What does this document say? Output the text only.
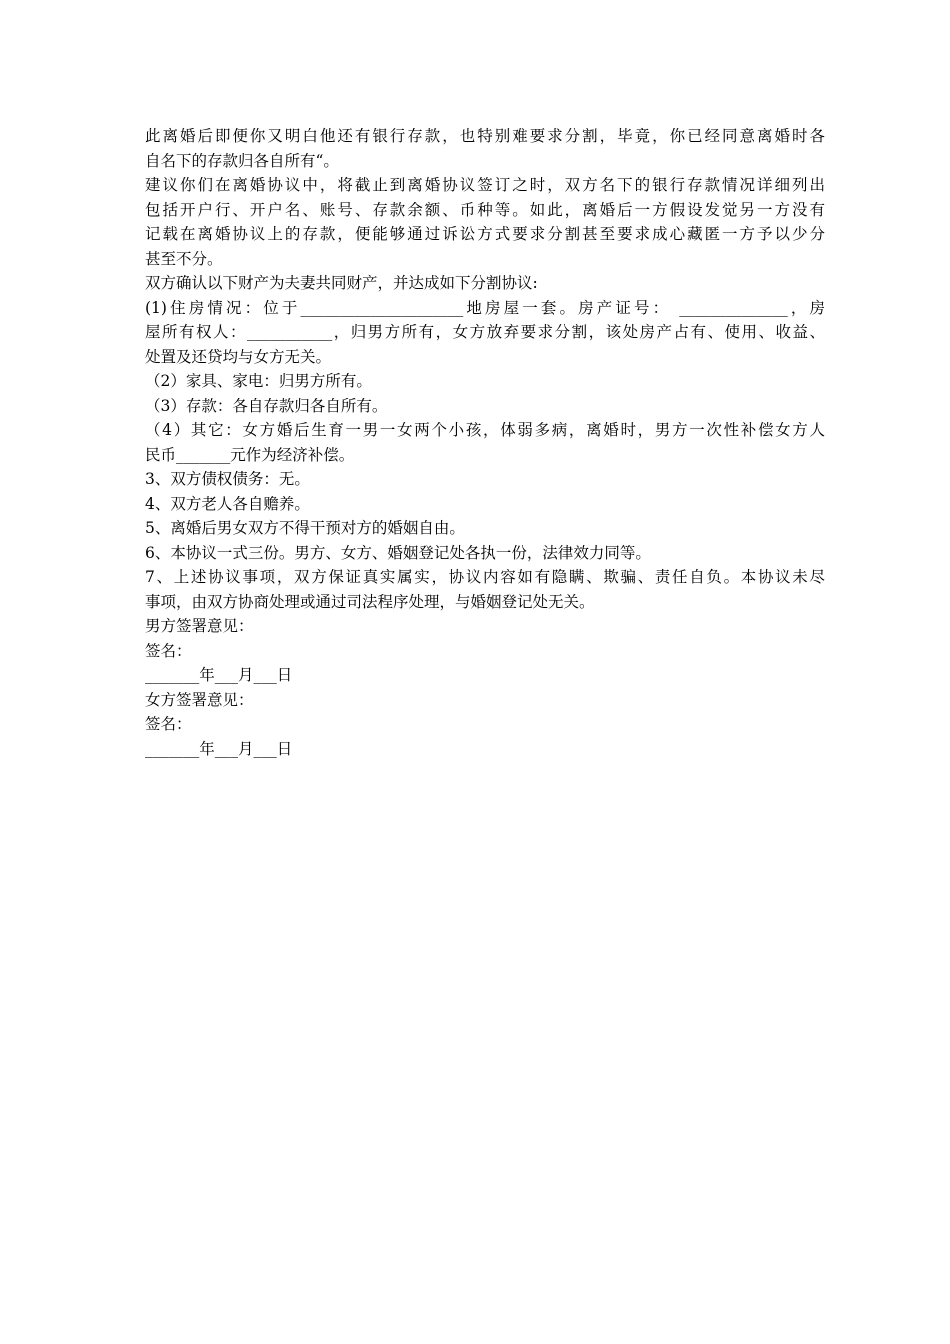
此离婚后即便你又明白他还有银行存款，也特别难要求分割，毕竟，你已经同意离婚时各
自名下的存款归各自所有“。
建议你们在离婚协议中，将截止到离婚协议签订之时，双方名下的银行存款情况详细列出
包括开户行、开户名、账号、存款余额、币种等。如此，离婚后一方假设发觉另一方没有
记载在离婚协议上的存款，便能够通过诉讼方式要求分割甚至要求成心藏匿一方予以少分
甚至不分。
双方确认以下财产为夫妻共同财产，并达成如下分割协议:
(1)住房情况：位于_____________________地房屋一套。房产证号： ______________，房
屋所有权人：___________，归男方所有，女方放弃要求分割，该处房产占有、使用、收益、
处置及还贷均与女方无关。
（2）家具、家电：归男方所有。
（3）存款：各自存款归各自所有。
（4）其它：女方婚后生育一男一女两个小孩，体弱多病，离婚时，男方一次性补偿女方人
民币_______元作为经济补偿。
3、双方债权债务：无。
4、双方老人各自赡养。
5、离婚后男女双方不得干预对方的婚姻自由。
6、本协议一式三份。男方、女方、婚姻登记处各执一份，法律效力同等。
7、上述协议事项，双方保证真实属实，协议内容如有隐瞒、欺骗、责任自负。本协议未尽
事项，由双方协商处理或通过司法程序处理，与婚姻登记处无关。
男方签署意见：
签名：
_______年___月___日
女方签署意见：
签名：
_______年___月___日
